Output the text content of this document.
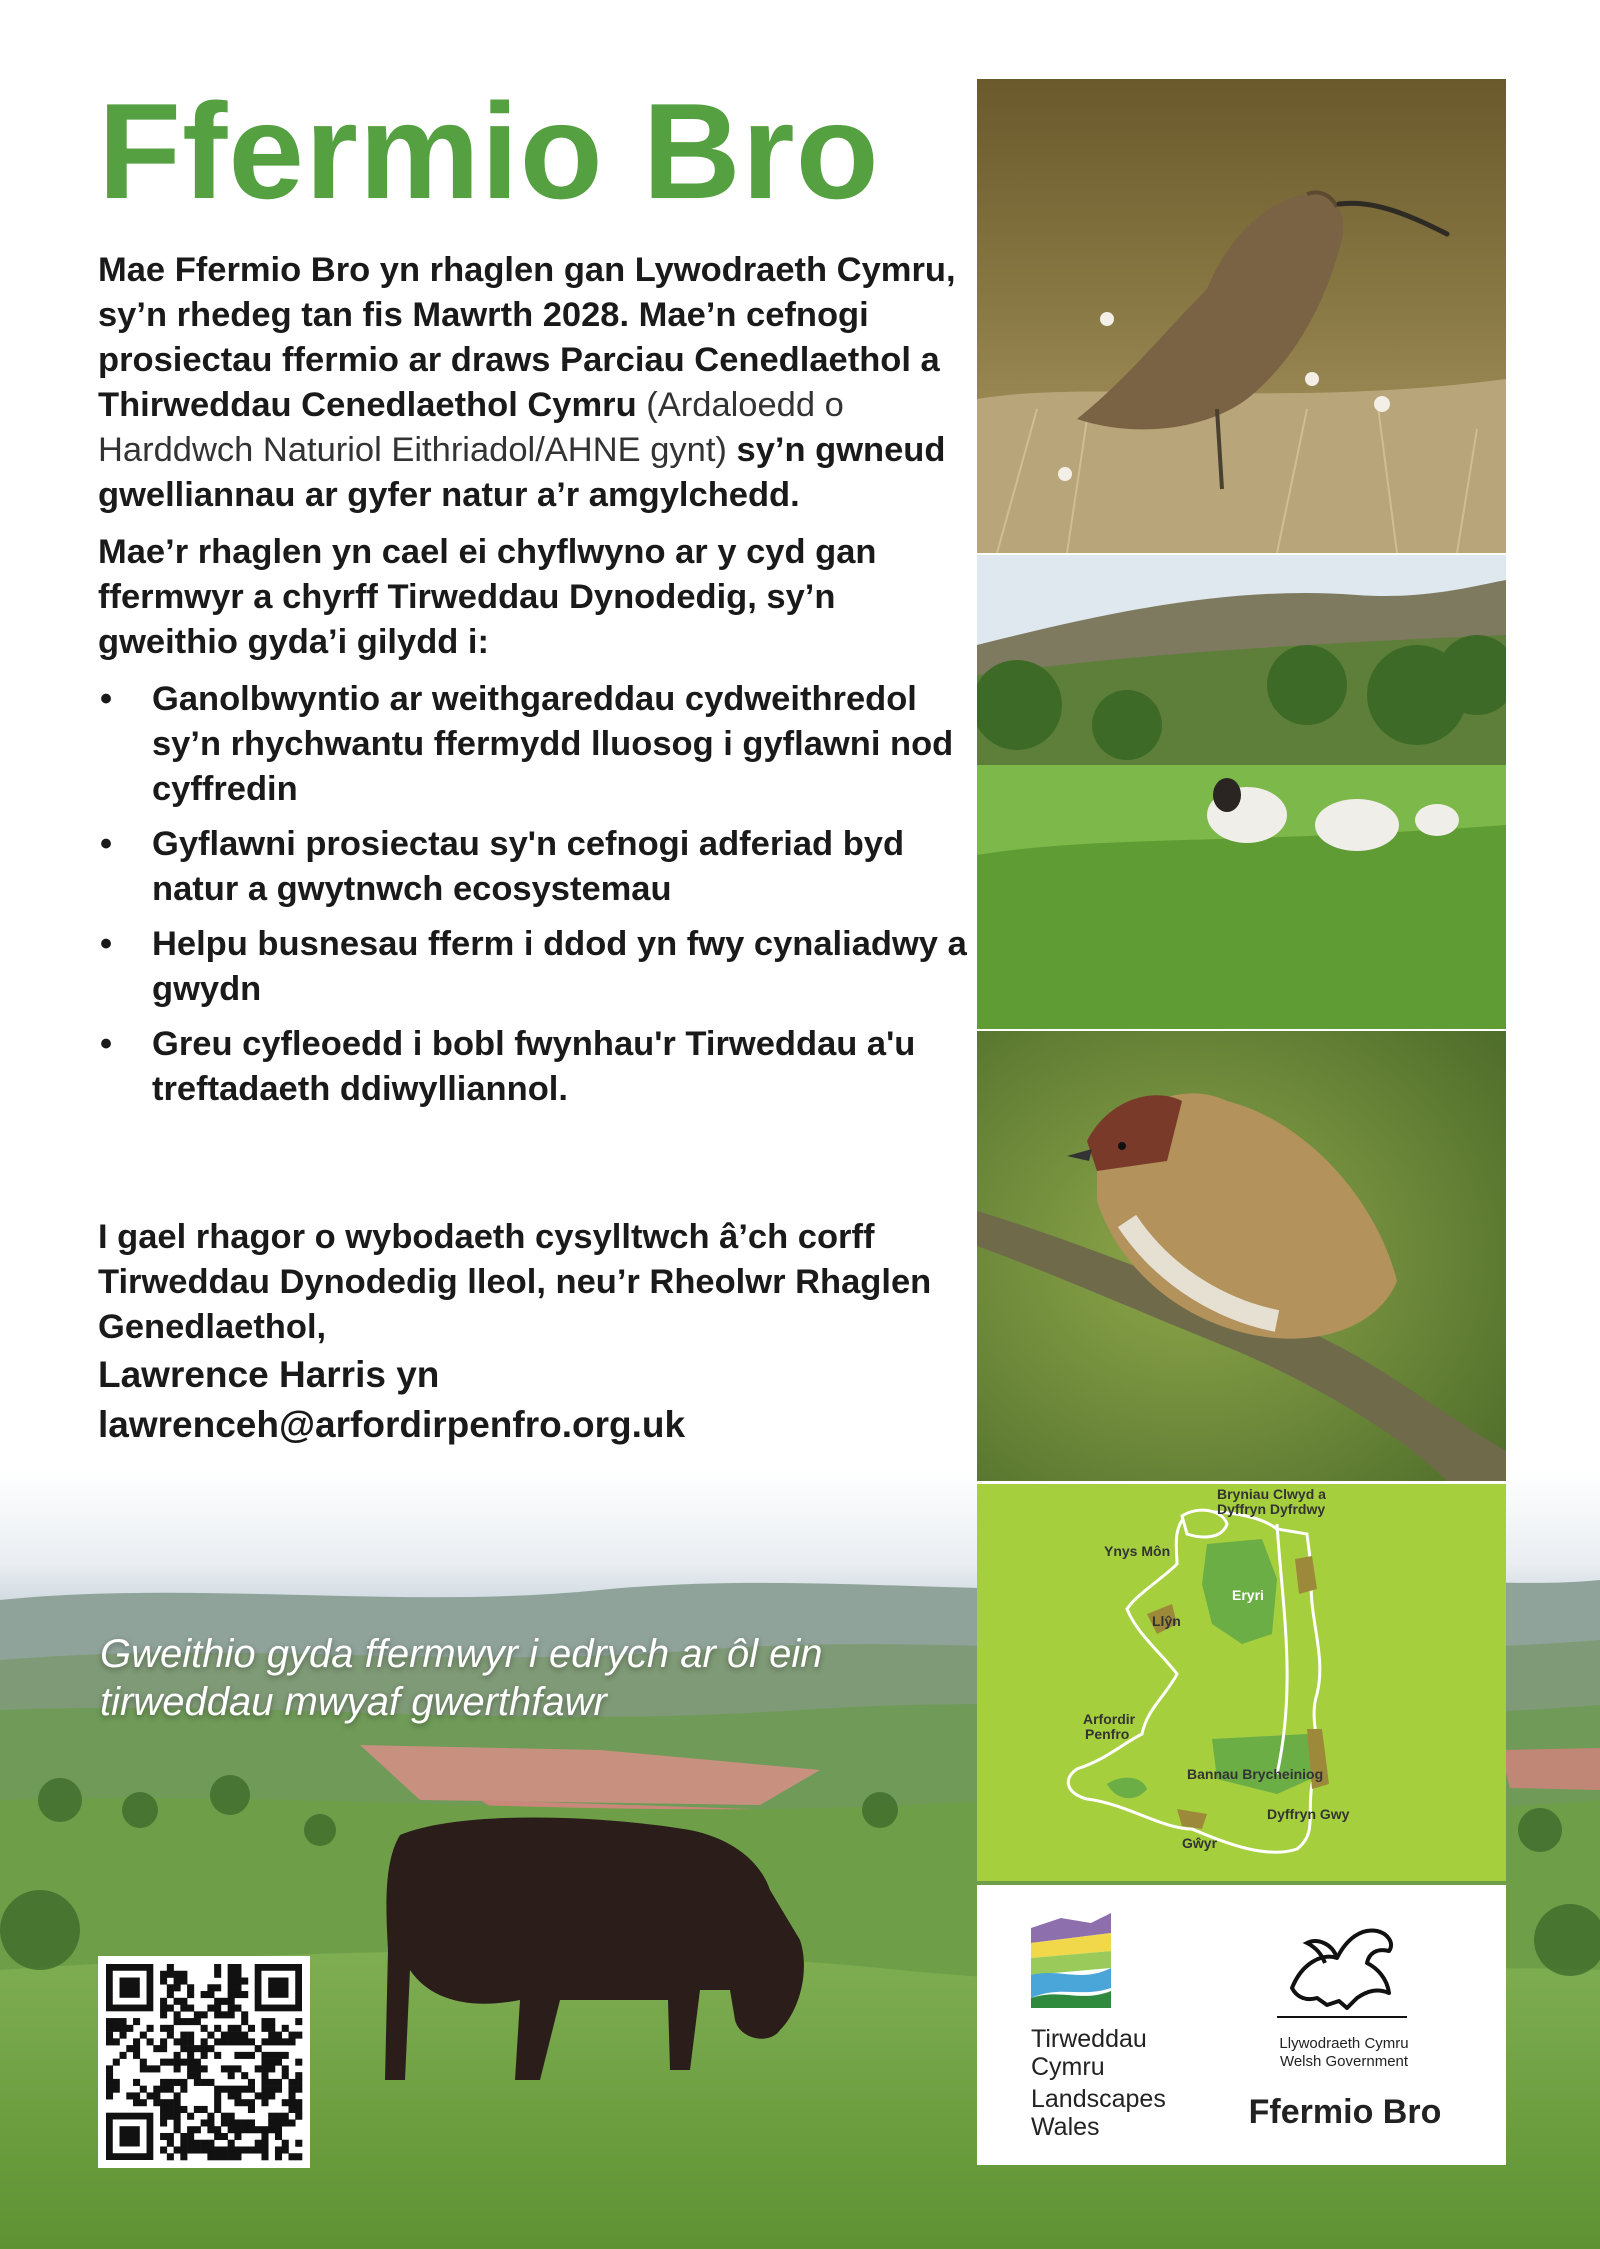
Ffermio Bro

Mae Ffermio Bro yn rhaglen gan Lywodraeth Cymru, sy’n rhedeg tan fis Mawrth 2028. Mae’n cefnogi prosiectau ffermio ar draws Parciau Cenedlaethol a Thirweddau Cenedlaethol Cymru (Ardaloedd o Harddwch Naturiol Eithriadol/AHNE gynt) sy’n gwneud gwelliannau ar gyfer natur a’r amgylchedd.

Mae’r rhaglen yn cael ei chyflwyno ar y cyd gan ffermwyr a chyrff Tirweddau Dynodedig, sy’n gweithio gyda’i gilydd i:

• Ganolbwyntio ar weithgareddau cydweithredol sy’n rhychwantu ffermydd lluosog i gyflawni nod cyffredin
• Gyflawni prosiectau sy'n cefnogi adferiad byd natur a gwytnwch ecosystemau
• Helpu busnesau fferm i ddod yn fwy cynaliadwy a gwydn
• Greu cyfleoedd i bobl fwynhau'r Tirweddau a'u treftadaeth ddiwylliannol.
I gael rhagor o wybodaeth cysylltwch â’ch corff Tirweddau Dynodedig lleol, neu’r Rheolwr Rhaglen Genedlaethol,
Lawrence Harris yn
lawrenceh@arfordirpenfro.org.uk

Gweithio gyda ffermwyr i edrych ar ôl ein tirweddau mwyaf gwerthfawr

Bryniau Clwyd a
Dyffryn Dyfrdwy
Ynys Môn
Eryri
Llŷn
Arfordir
Penfro
Bannau Brycheiniog
Dyffryn Gwy
Gŵyr
Tirweddau
Cymru
Landscapes
Wales
Llywodraeth Cymru
Welsh Government
Ffermio Bro
